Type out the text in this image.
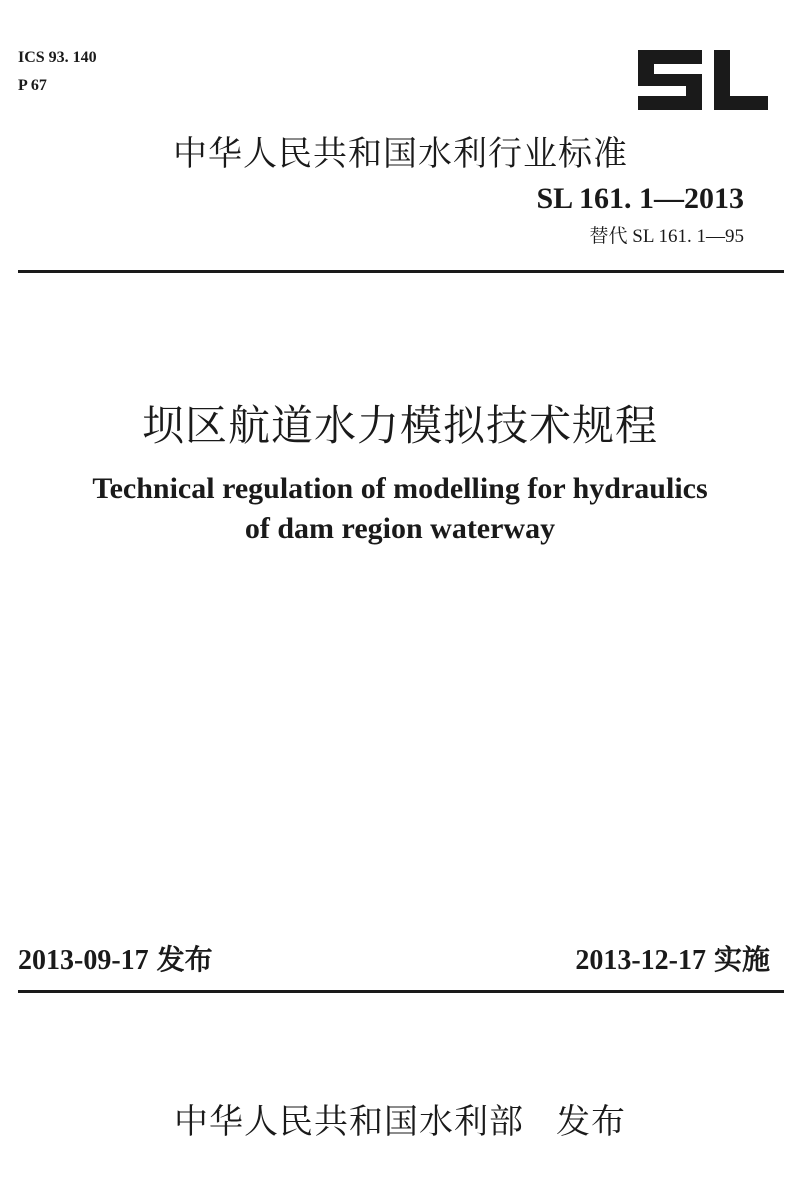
ICS 93. 140
P 67
中华人民共和国水利行业标准
SL 161. 1—2013
替代 SL 161. 1—95
坝区航道水力模拟技术规程
Technical regulation of modelling for hydraulics
of dam region waterway
2013-09-17 发布	2013-12-17 实施
中华人民共和国水利部 发布
